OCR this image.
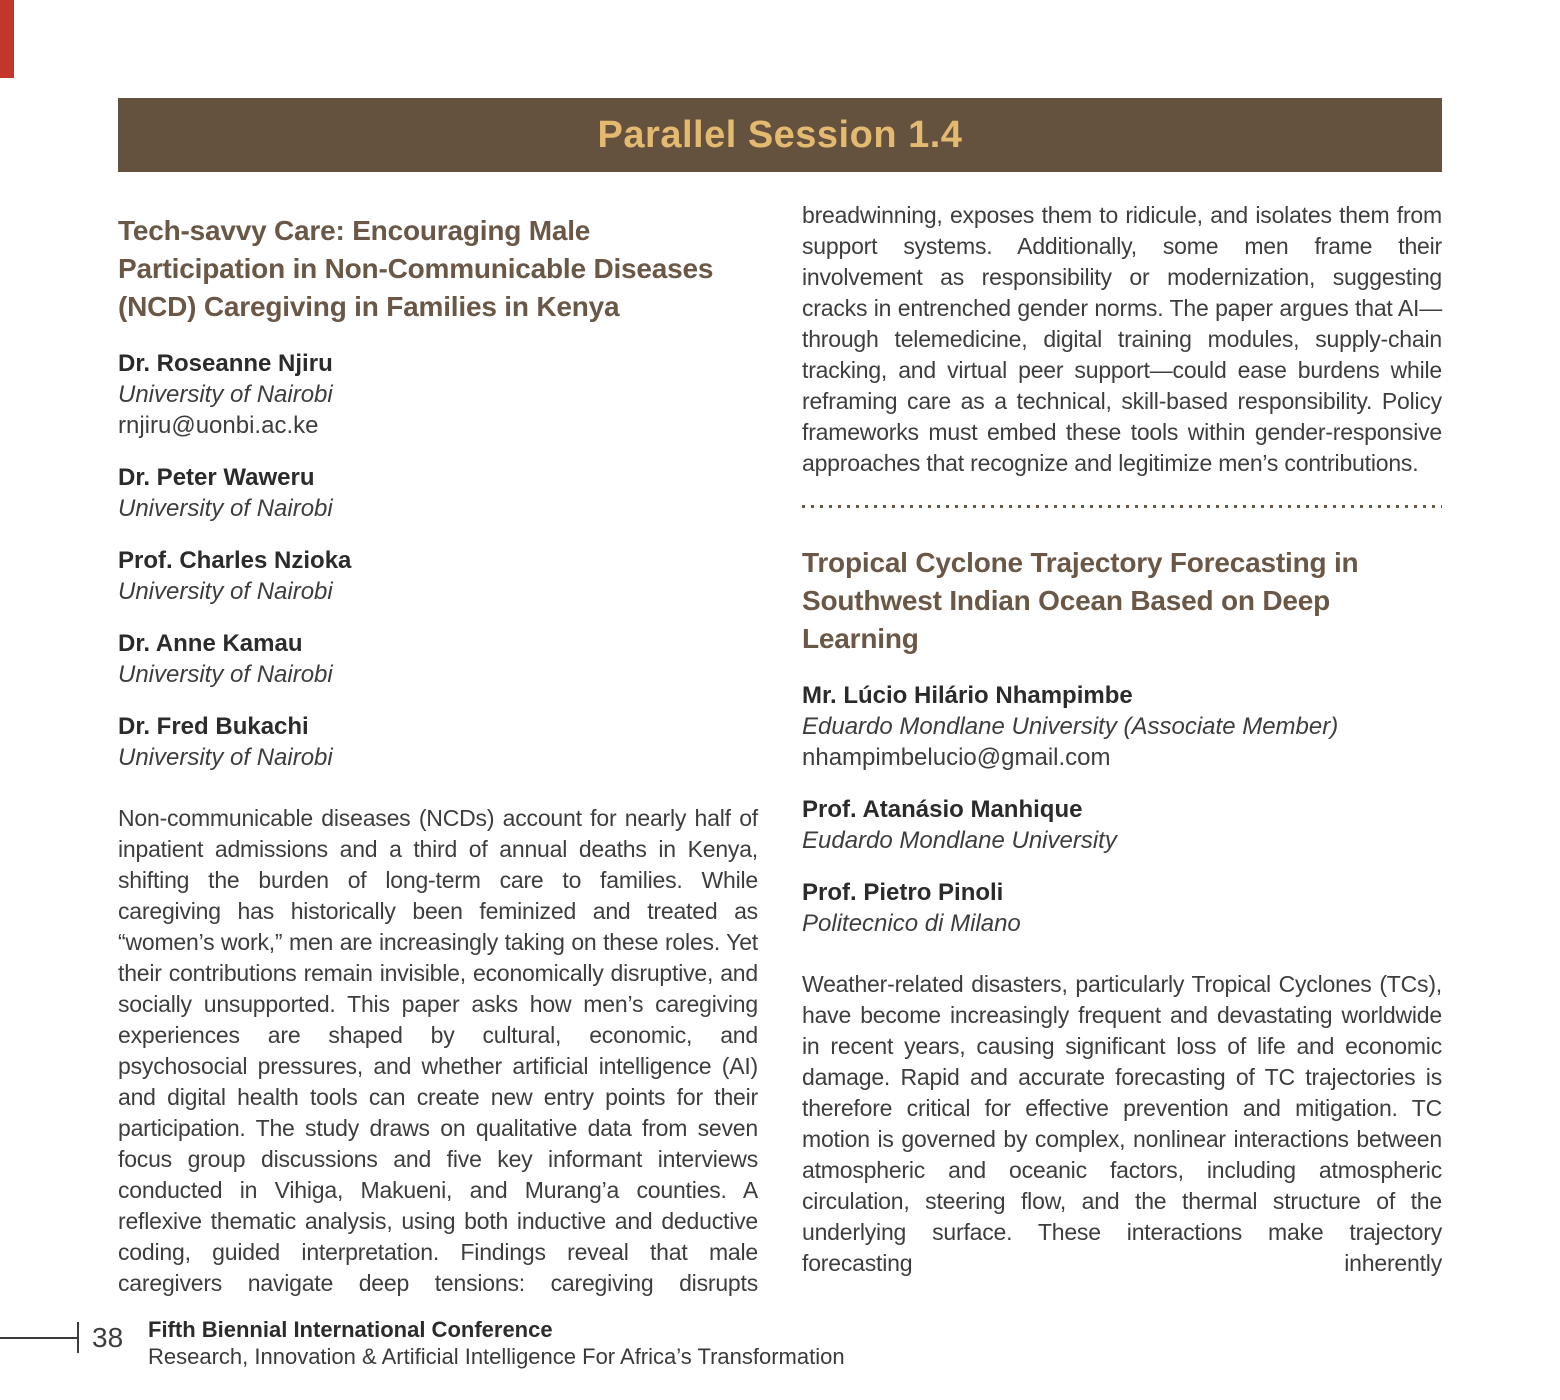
Parallel Session 1.4
Tech-savvy Care: Encouraging Male Participation in Non-Communicable Diseases (NCD) Caregiving in Families in Kenya
Dr. Roseanne Njiru
University of Nairobi
rnjiru@uonbi.ac.ke
Dr. Peter Waweru
University of Nairobi
Prof. Charles Nzioka
University of Nairobi
Dr. Anne Kamau
University of Nairobi
Dr. Fred Bukachi
University of Nairobi

Non-communicable diseases (NCDs) account for nearly half of inpatient admissions and a third of annual deaths in Kenya, shifting the burden of long-term care to families. While caregiving has historically been feminized and treated as “women’s work,” men are increasingly taking on these roles. Yet their contributions remain invisible, economically disruptive, and socially unsupported. This paper asks how men’s caregiving experiences are shaped by cultural, economic, and psychosocial pressures, and whether artificial intelligence (AI) and digital health tools can create new entry points for their participation. The study draws on qualitative data from seven focus group discussions and five key informant interviews conducted in Vihiga, Makueni, and Murang’a counties. A reflexive thematic analysis, using both inductive and deductive coding, guided interpretation. Findings reveal that male caregivers navigate deep tensions: caregiving disrupts

breadwinning, exposes them to ridicule, and isolates them from support systems. Additionally, some men frame their involvement as responsibility or modernization, suggesting cracks in entrenched gender norms. The paper argues that AI—through telemedicine, digital training modules, supply-chain tracking, and virtual peer support—could ease burdens while reframing care as a technical, skill-based responsibility. Policy frameworks must embed these tools within gender-responsive approaches that recognize and legitimize men’s contributions.

Tropical Cyclone Trajectory Forecasting in Southwest Indian Ocean Based on Deep Learning
Mr. Lúcio Hilário Nhampimbe
Eduardo Mondlane University (Associate Member)
nhampimbelucio@gmail.com
Prof. Atanásio Manhique
Eudardo Mondlane University
Prof. Pietro Pinoli
Politecnico di Milano

Weather-related disasters, particularly Tropical Cyclones (TCs), have become increasingly frequent and devastating worldwide in recent years, causing significant loss of life and economic damage. Rapid and accurate forecasting of TC trajectories is therefore critical for effective prevention and mitigation. TC motion is governed by complex, nonlinear interactions between atmospheric and oceanic factors, including atmospheric circulation, steering flow, and the thermal structure of the underlying surface. These interactions make trajectory forecasting inherently

38 Fifth Biennial International Conference
Research, Innovation & Artificial Intelligence For Africa’s Transformation
